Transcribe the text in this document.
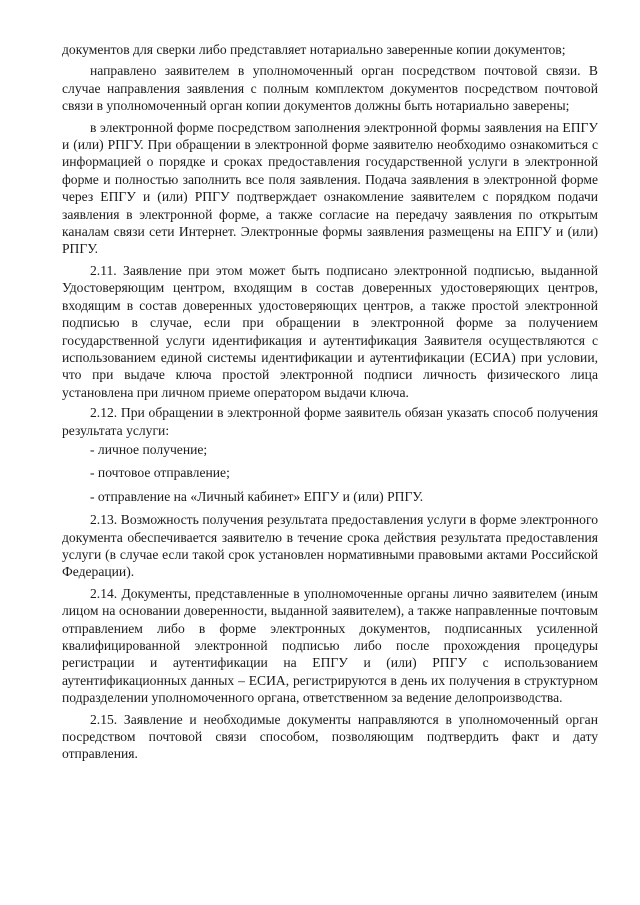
документов для сверки либо представляет нотариально заверенные копии документов;

направлено заявителем в уполномоченный орган посредством почтовой связи. В случае направления заявления с полным комплектом документов посредством почтовой связи в уполномоченный орган копии документов должны быть нотариально заверены;

в электронной форме посредством заполнения электронной формы заявления на ЕПГУ и (или) РПГУ. При обращении в электронной форме заявителю необходимо ознакомиться с информацией о порядке и сроках предоставления государственной услуги в электронной форме и полностью заполнить все поля заявления. Подача заявления в электронной форме через ЕПГУ и (или) РПГУ подтверждает ознакомление заявителем с порядком подачи заявления в электронной форме, а также согласие на передачу заявления по открытым каналам связи сети Интернет. Электронные формы заявления размещены на ЕПГУ и (или) РПГУ.

2.11. Заявление при этом может быть подписано электронной подписью, выданной Удостоверяющим центром, входящим в состав доверенных удостоверяющих центров, входящим в состав доверенных удостоверяющих центров, а также простой электронной подписью в случае, если при обращении в электронной форме за получением государственной услуги идентификация и аутентификация Заявителя осуществляются с использованием единой системы идентификации и аутентификации (ЕСИА) при условии, что при выдаче ключа простой электронной подписи личность физического лица установлена при личном приеме оператором выдачи ключа.

2.12. При обращении в электронной форме заявитель обязан указать способ получения результата услуги:

- личное получение;

- почтовое отправление;

- отправление на «Личный кабинет» ЕПГУ и (или) РПГУ.

2.13. Возможность получения результата предоставления услуги в форме электронного документа обеспечивается заявителю в течение срока действия результата предоставления услуги (в случае если такой срок установлен нормативными правовыми актами Российской Федерации).

2.14. Документы, представленные в уполномоченные органы лично заявителем (иным лицом на основании доверенности, выданной заявителем), а также направленные почтовым отправлением либо в форме электронных документов, подписанных усиленной квалифицированной электронной подписью либо после прохождения процедуры регистрации и аутентификации на ЕПГУ и (или) РПГУ с использованием аутентификационных данных – ЕСИА, регистрируются в день их получения в структурном подразделении уполномоченного органа, ответственном за ведение делопроизводства.

2.15. Заявление и необходимые документы направляются в уполномоченный орган посредством почтовой связи способом, позволяющим подтвердить факт и дату отправления.
